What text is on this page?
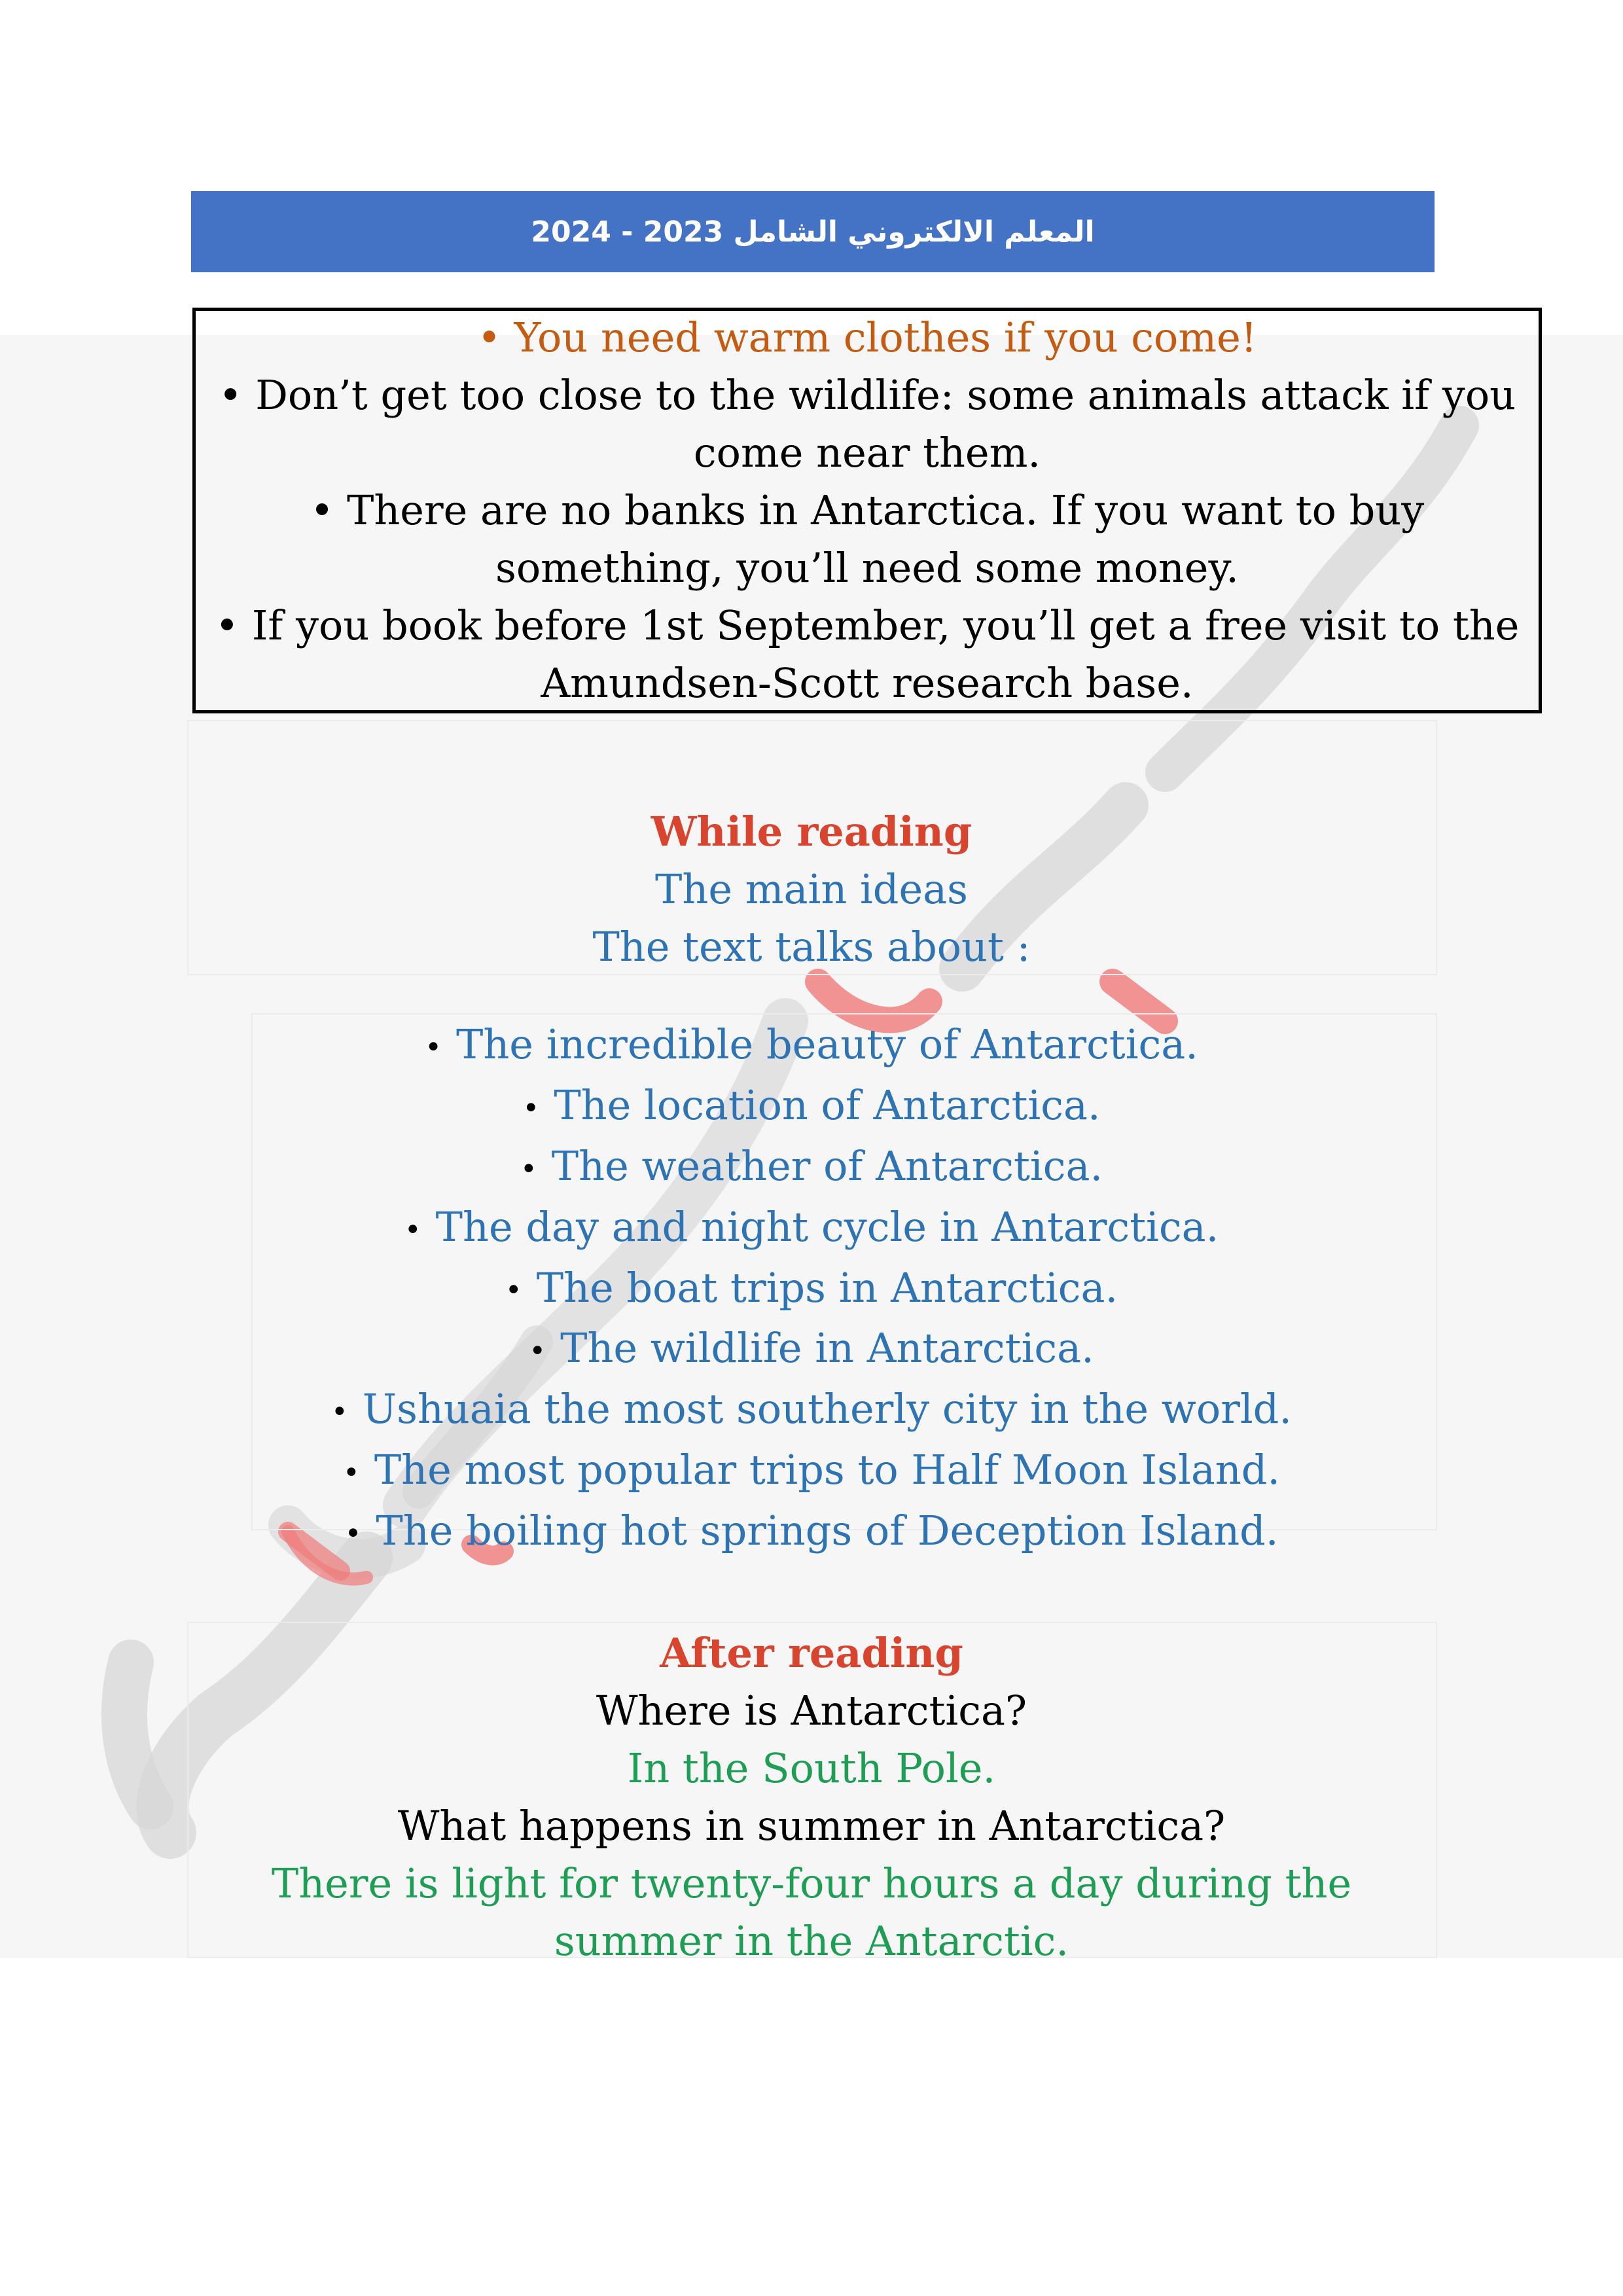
المعلم الالكتروني الشامل 2023 - 2024

• You need warm clothes if you come!

• Don’t get too close to the wildlife: some animals attack if you come near them.

• There are no banks in Antarctica. If you want to buy something, you’ll need some money.

• If you book before 1st September, you’ll get a free visit to the Amundsen-Scott research base.

While reading
The main ideas
The text talks about :
• The incredible beauty of Antarctica.
• The location of Antarctica.
• The weather of Antarctica.
• The day and night cycle in Antarctica.
• The boat trips in Antarctica.
• The wildlife in Antarctica.
• Ushuaia the most southerly city in the world.
• The most popular trips to Half Moon Island.
• The boiling hot springs of Deception Island.
After reading
Where is Antarctica?
In the South Pole.
What happens in summer in Antarctica?
There is light for twenty-four hours a day during the summer in the Antarctic.
